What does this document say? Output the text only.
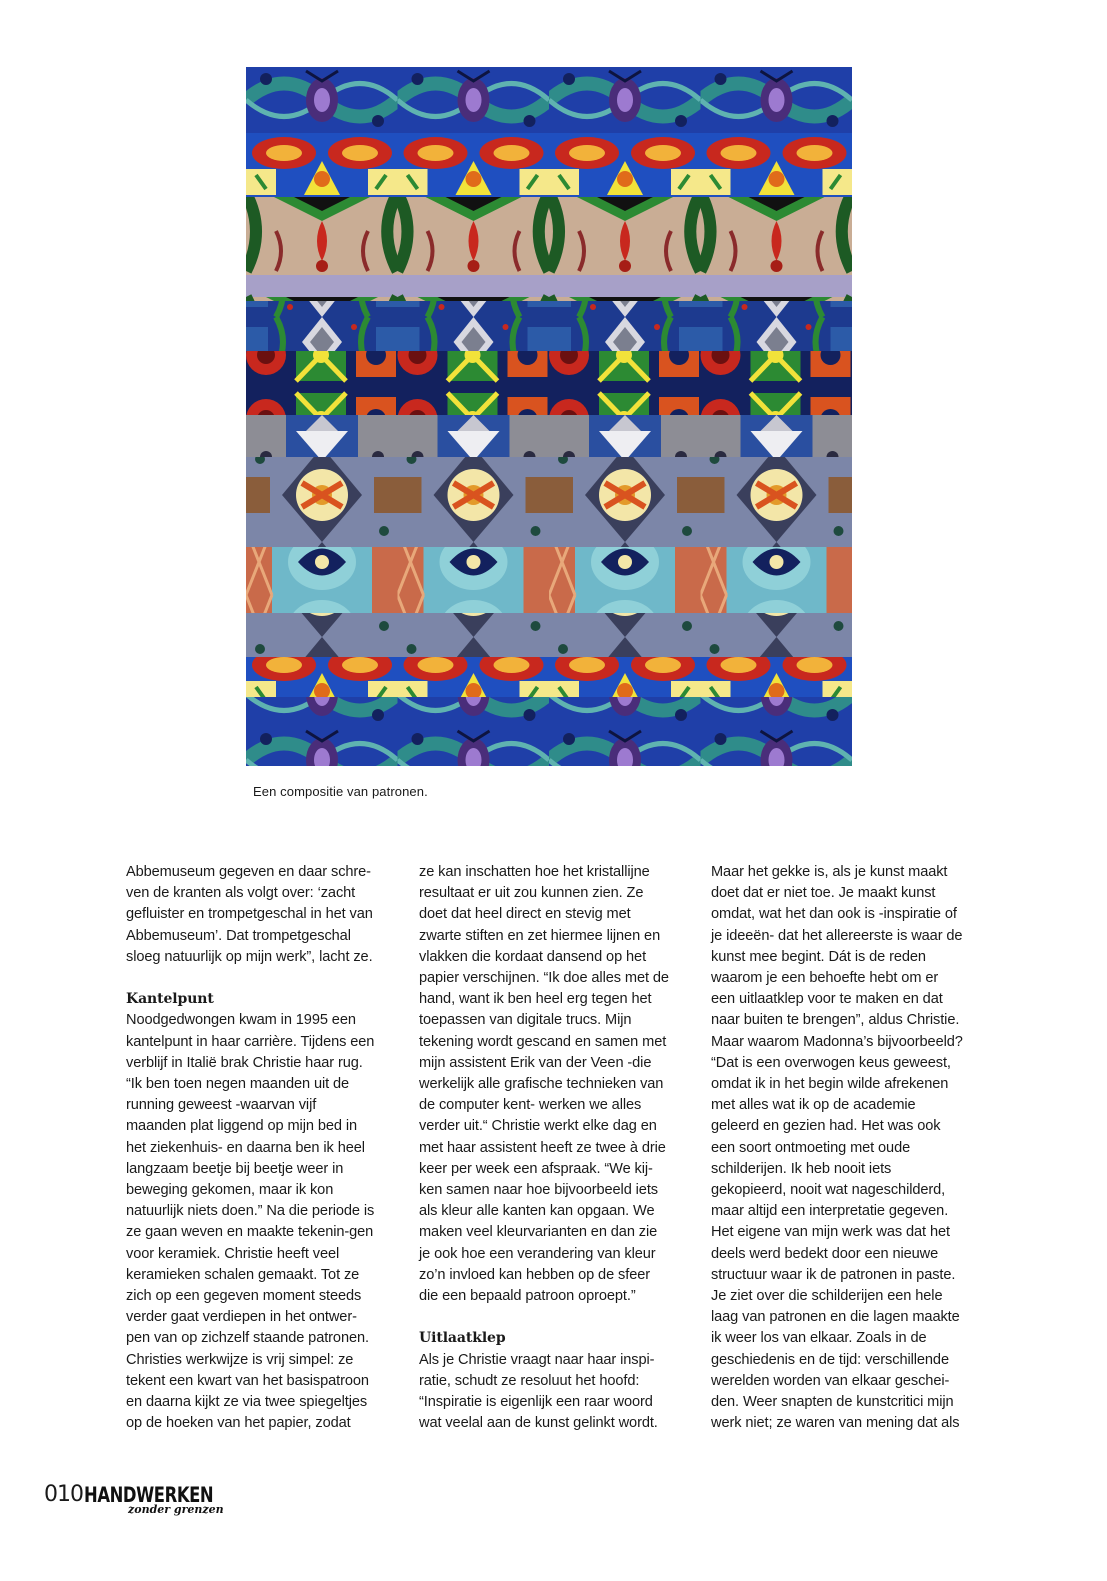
Een compositie van patronen.

Abbemuseum gegeven en daar schre-ven de kranten als volgt over: ‘zacht gefluister en trompetgeschal in het van Abbemuseum’. Dat trompetgeschal sloeg natuurlijk op mijn werk”, lacht ze.

Kantelpunt

Noodgedwongen kwam in 1995 een kantelpunt in haar carrière. Tijdens een verblijf in Italië brak Christie haar rug. “Ik ben toen negen maanden uit de running geweest -waarvan vijf maanden plat liggend op mijn bed in het ziekenhuis- en daarna ben ik heel langzaam beetje bij beetje weer in beweging gekomen, maar ik kon natuurlijk niets doen.” Na die periode is ze gaan weven en maakte tekenin-gen voor keramiek. Christie heeft veel keramieken schalen gemaakt. Tot ze zich op een gegeven moment steeds verder gaat verdiepen in het ontwer-pen van op zichzelf staande patronen. Christies werkwijze is vrij simpel: ze tekent een kwart van het basispatroon en daarna kijkt ze via twee spiegeltjes op de hoeken van het papier, zodat

ze kan inschatten hoe het kristallijne resultaat er uit zou kunnen zien. Ze doet dat heel direct en stevig met zwarte stiften en zet hiermee lijnen en vlakken die kordaat dansend op het papier verschijnen. “Ik doe alles met de hand, want ik ben heel erg tegen het toepassen van digitale trucs. Mijn tekening wordt gescand en samen met mijn assistent Erik van der Veen -die werkelijk alle grafische technieken van de computer kent- werken we alles verder uit.“ Christie werkt elke dag en met haar assistent heeft ze twee à drie keer per week een afspraak. “We kij-ken samen naar hoe bijvoorbeeld iets als kleur alle kanten kan opgaan. We maken veel kleurvarianten en dan zie je ook hoe een verandering van kleur zo’n invloed kan hebben op de sfeer die een bepaald patroon oproept.”

Uitlaatklep

Als je Christie vraagt naar haar inspi-ratie, schudt ze resoluut het hoofd: “Inspiratie is eigenlijk een raar woord wat veelal aan de kunst gelinkt wordt.

Maar het gekke is, als je kunst maakt doet dat er niet toe. Je maakt kunst omdat, wat het dan ook is -inspiratie of je ideeën- dat het allereerste is waar de kunst mee begint. Dát is de reden waarom je een behoefte hebt om er een uitlaatklep voor te maken en dat naar buiten te brengen”, aldus Christie. Maar waarom Madonna’s bijvoorbeeld? “Dat is een overwogen keus geweest, omdat ik in het begin wilde afrekenen met alles wat ik op de academie geleerd en gezien had. Het was ook een soort ontmoeting met oude schilderijen. Ik heb nooit iets gekopieerd, nooit wat nageschilderd, maar altijd een interpretatie gegeven. Het eigene van mijn werk was dat het deels werd bedekt door een nieuwe structuur waar ik de patronen in paste. Je ziet over die schilderijen een hele laag van patronen en die lagen maakte ik weer los van elkaar. Zoals in de geschiedenis en de tijd: verschillende werelden worden van elkaar geschei-den. Weer snapten de kunstcritici mijn werk niet; ze waren van mening dat als

010 HANDWERKEN
zonder grenzen
